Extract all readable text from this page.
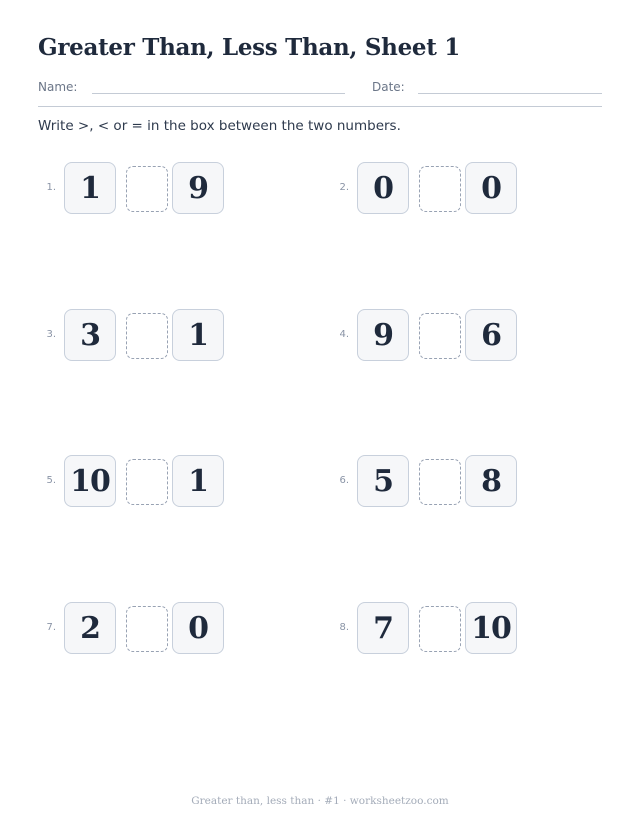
Greater Than, Less Than, Sheet 1
Name:	Date:
Write >, < or = in the box between the two numbers.
1. 1	9	2. 0	0
3. 3	1	4. 9	6
5. 10	1	6. 5	8
7. 2	0	8. 7	10
Greater than, less than · #1 · worksheetzoo.com
